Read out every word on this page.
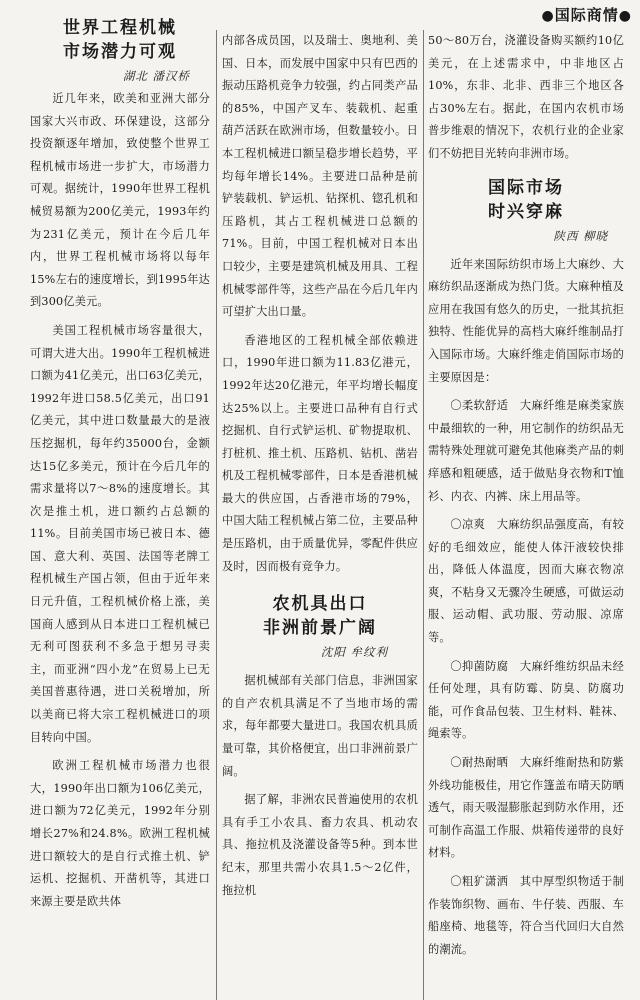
●国际商情●
世界工程机械
市场潜力可观
湖北 潘汉桥

近几年来，欧美和亚洲大部分国家大兴市政、环保建设，这部分投资额逐年增加，致使整个世界工程机械市场进一步扩大，市场潜力可观。据统计，1990年世界工程机械贸易额为200亿美元，1993年约为231亿美元，预计在今后几年内，世界工程机械市场将以每年15%左右的速度增长，到1995年达到300亿美元。

美国工程机械市场容量很大，可谓大进大出。1990年工程机械进口额为41亿美元，出口63亿美元，1992年进口58.5亿美元，出口91亿美元，其中进口数量最大的是液压挖掘机，每年约35000台，金额达15亿多美元，预计在今后几年的需求量将以7～8%的速度增长。其次是推土机，进口额约占总额的11%。目前美国市场已被日本、德国、意大利、英国、法国等老牌工程机械生产国占领，但由于近年来日元升值，工程机械价格上涨，美国商人感到从日本进口工程机械已无利可图获利不多急于想另寻卖主，而亚洲“四小龙”在贸易上已无美国普惠待遇，进口关税增加，所以美商已将大宗工程机械进口的项目转向中国。

欧洲工程机械市场潜力也很大，1990年出口额为106亿美元，进口额为72亿美元，1992年分别增长27%和24.8%。欧洲工程机械进口额较大的是自行式推土机、铲运机、挖掘机、开凿机等，其进口来源主要是欧共体

内部各成员国，以及瑞士、奥地利、美国、日本，而发展中国家中只有巴西的振动压路机竞争力较强，约占同类产品的85%，中国产叉车、装载机、起重葫芦活跃在欧洲市场，但数量较小。日本工程机械进口额呈稳步增长趋势，平均每年增长14%。主要进口品种是前铲装载机、铲运机、钻探机、锪孔机和压路机，其占工程机械进口总额的71%。目前，中国工程机械对日本出口较少，主要是建筑机械及用具、工程机械零部件等，这些产品在今后几年内可望扩大出口量。

香港地区的工程机械全部依赖进口，1990年进口额为11.83亿港元，1992年达20亿港元，年平均增长幅度达25%以上。主要进口品种有自行式挖掘机、自行式铲运机、矿物提取机、打桩机、推土机、压路机、钻机、凿岩机及工程机械零部件，日本是香港机械最大的供应国，占香港市场的79%，中国大陆工程机械占第二位，主要品种是压路机，由于质量优异，零配件供应及时，因而极有竞争力。

农机具出口
非洲前景广阔
沈阳 牟纹利

据机械部有关部门信息，非洲国家的自产农机具满足不了当地市场的需求，每年都要大量进口。我国农机具质量可靠，其价格便宜，出口非洲前景广阔。

据了解，非洲农民普遍使用的农机具有手工小农具、畜力农具、机动农具、拖拉机及浇灌设备等5种。到本世纪末，那里共需小农具1.5～2亿件，拖拉机

50～80万台，浇灌设备购买额约10亿美元，在上述需求中，中非地区占10%，东非、北非、西非三个地区各占30%左右。据此，在国内农机市场普步维艰的情况下，农机行业的企业家们不妨把目光转向非洲市场。

国际市场
时兴穿麻
陕西 柳晓

近年来国际纺织市场上大麻纱、大麻纺织品逐渐成为热门货。大麻种植及应用在我国有悠久的历史，一批其抗拒独特、性能优异的高档大麻纤维制品打入国际市场。大麻纤维走俏国际市场的主要原因是：

〇柔软舒适　大麻纤维是麻类家族中最细软的一种，用它制作的纺织品无需特殊处理就可避免其他麻类产品的刺痒感和粗硬感，适于做贴身衣物和T恤衫、内衣、内裤、床上用品等。

〇凉爽　大麻纺织品强度高，有较好的毛细效应，能使人体汗液较快排出，降低人体温度，因而大麻衣物凉爽，不粘身又无骤冷生硬感，可做运动服、运动帽、武功服、劳动服、凉席等。

〇抑菌防腐　大麻纤维纺织品未经任何处理，具有防霉、防臭、防腐功能，可作食品包装、卫生材料、鞋袜、绳索等。

〇耐热耐晒　大麻纤维耐热和防紫外线功能极佳，用它作篷盖布晴天防晒透气，雨天吸湿膨胀起到防水作用，还可制作高温工作服、烘箱传递带的良好材料。

〇粗犷潇洒　其中厚型织物适于制作装饰织物、画布、牛仔装、西服、车船座椅、地毯等，符合当代回归大自然的潮流。
